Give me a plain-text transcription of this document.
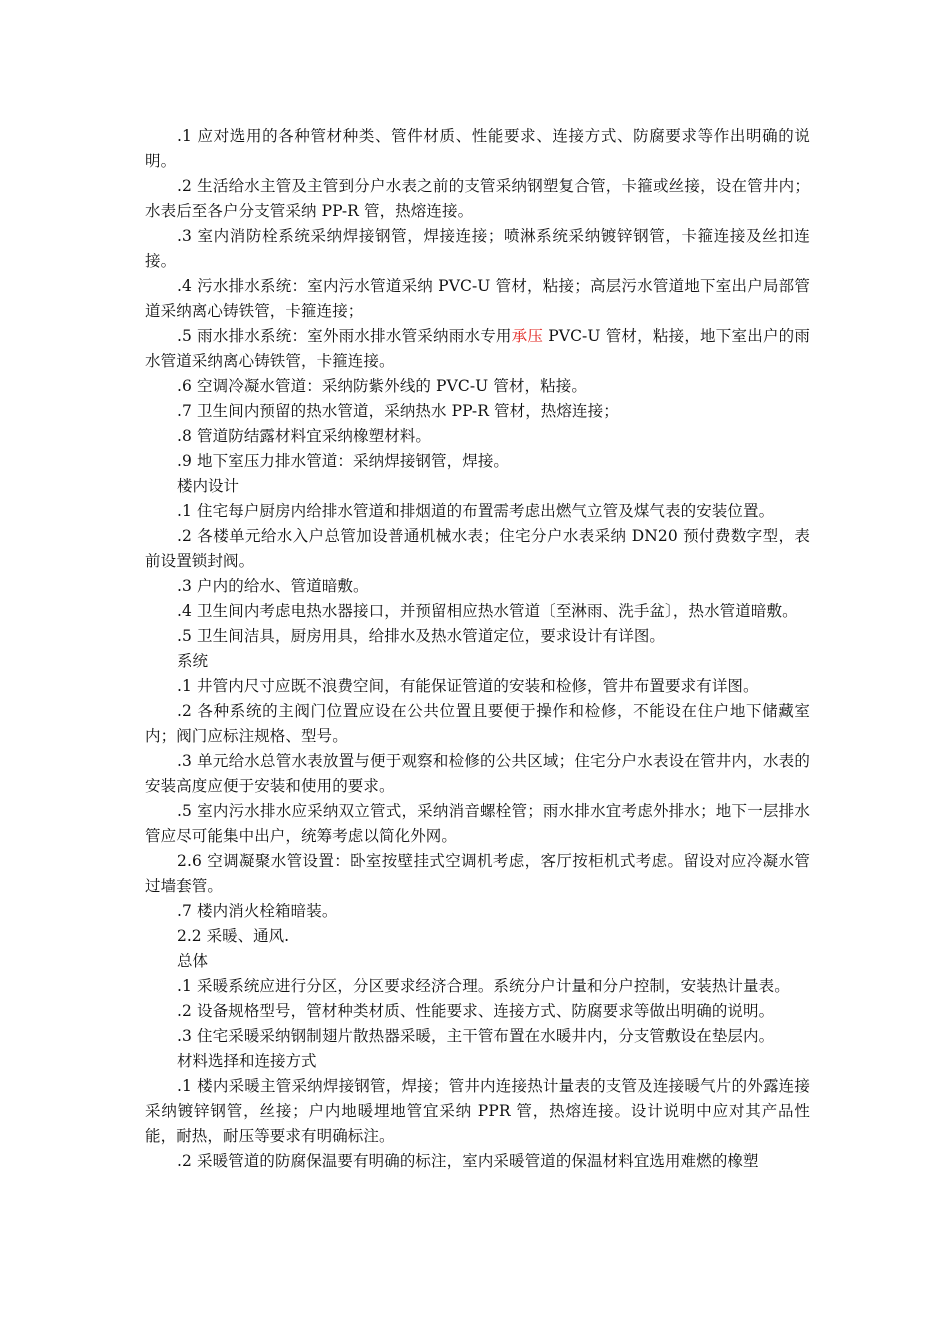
.1 应对选用的各种管材种类、管件材质、性能要求、连接方式、防腐要求等作出明确的说明。

.2 生活给水主管及主管到分户水表之前的支管采纳钢塑复合管，卡箍或丝接，设在管井内；水表后至各户分支管采纳 PP-R 管，热熔连接。

.3 室内消防栓系统采纳焊接钢管，焊接连接；喷淋系统采纳镀锌钢管，卡箍连接及丝扣连接。

.4 污水排水系统：室内污水管道采纳 PVC-U 管材，粘接；高层污水管道地下室出户局部管道采纳离心铸铁管，卡箍连接；

.5 雨水排水系统：室外雨水排水管采纳雨水专用承压 PVC-U 管材，粘接，地下室出户的雨水管道采纳离心铸铁管，卡箍连接。

.6 空调冷凝水管道：采纳防紫外线的 PVC-U 管材，粘接。

.7 卫生间内预留的热水管道，采纳热水 PP-R 管材，热熔连接；

.8 管道防结露材料宜采纳橡塑材料。

.9 地下室压力排水管道：采纳焊接钢管，焊接。

楼内设计

.1 住宅每户厨房内给排水管道和排烟道的布置需考虑出燃气立管及煤气表的安装位置。

.2 各楼单元给水入户总管加设普通机械水表；住宅分户水表采纳 DN20 预付费数字型，表前设置锁封阀。

.3 户内的给水、管道暗敷。

.4 卫生间内考虑电热水器接口，并预留相应热水管道〔至淋雨、洗手盆〕，热水管道暗敷。

.5 卫生间洁具，厨房用具，给排水及热水管道定位，要求设计有详图。

系统

.1 井管内尺寸应既不浪费空间，有能保证管道的安装和检修，管井布置要求有详图。

.2 各种系统的主阀门位置应设在公共位置且要便于操作和检修，不能设在住户地下储藏室内；阀门应标注规格、型号。

.3 单元给水总管水表放置与便于观察和检修的公共区域；住宅分户水表设在管井内，水表的安装高度应便于安装和使用的要求。

.5 室内污水排水应采纳双立管式，采纳消音螺栓管；雨水排水宜考虑外排水；地下一层排水管应尽可能集中出户，统筹考虑以简化外网。

2.6 空调凝聚水管设置：卧室按壁挂式空调机考虑，客厅按柜机式考虑。留设对应冷凝水管过墙套管。

.7 楼内消火栓箱暗装。

2.2 采暖、通风.

总体

.1 采暖系统应进行分区，分区要求经济合理。系统分户计量和分户控制，安装热计量表。

.2 设备规格型号，管材种类材质、性能要求、连接方式、防腐要求等做出明确的说明。

.3 住宅采暖采纳钢制翅片散热器采暖，主干管布置在水暖井内，分支管敷设在垫层内。

材料选择和连接方式

.1 楼内采暖主管采纳焊接钢管，焊接；管井内连接热计量表的支管及连接暖气片的外露连接采纳镀锌钢管，丝接；户内地暖埋地管宜采纳 PPR 管，热熔连接。设计说明中应对其产品性能，耐热，耐压等要求有明确标注。

.2 采暖管道的防腐保温要有明确的标注，室内采暖管道的保温材料宜选用难燃的橡塑
